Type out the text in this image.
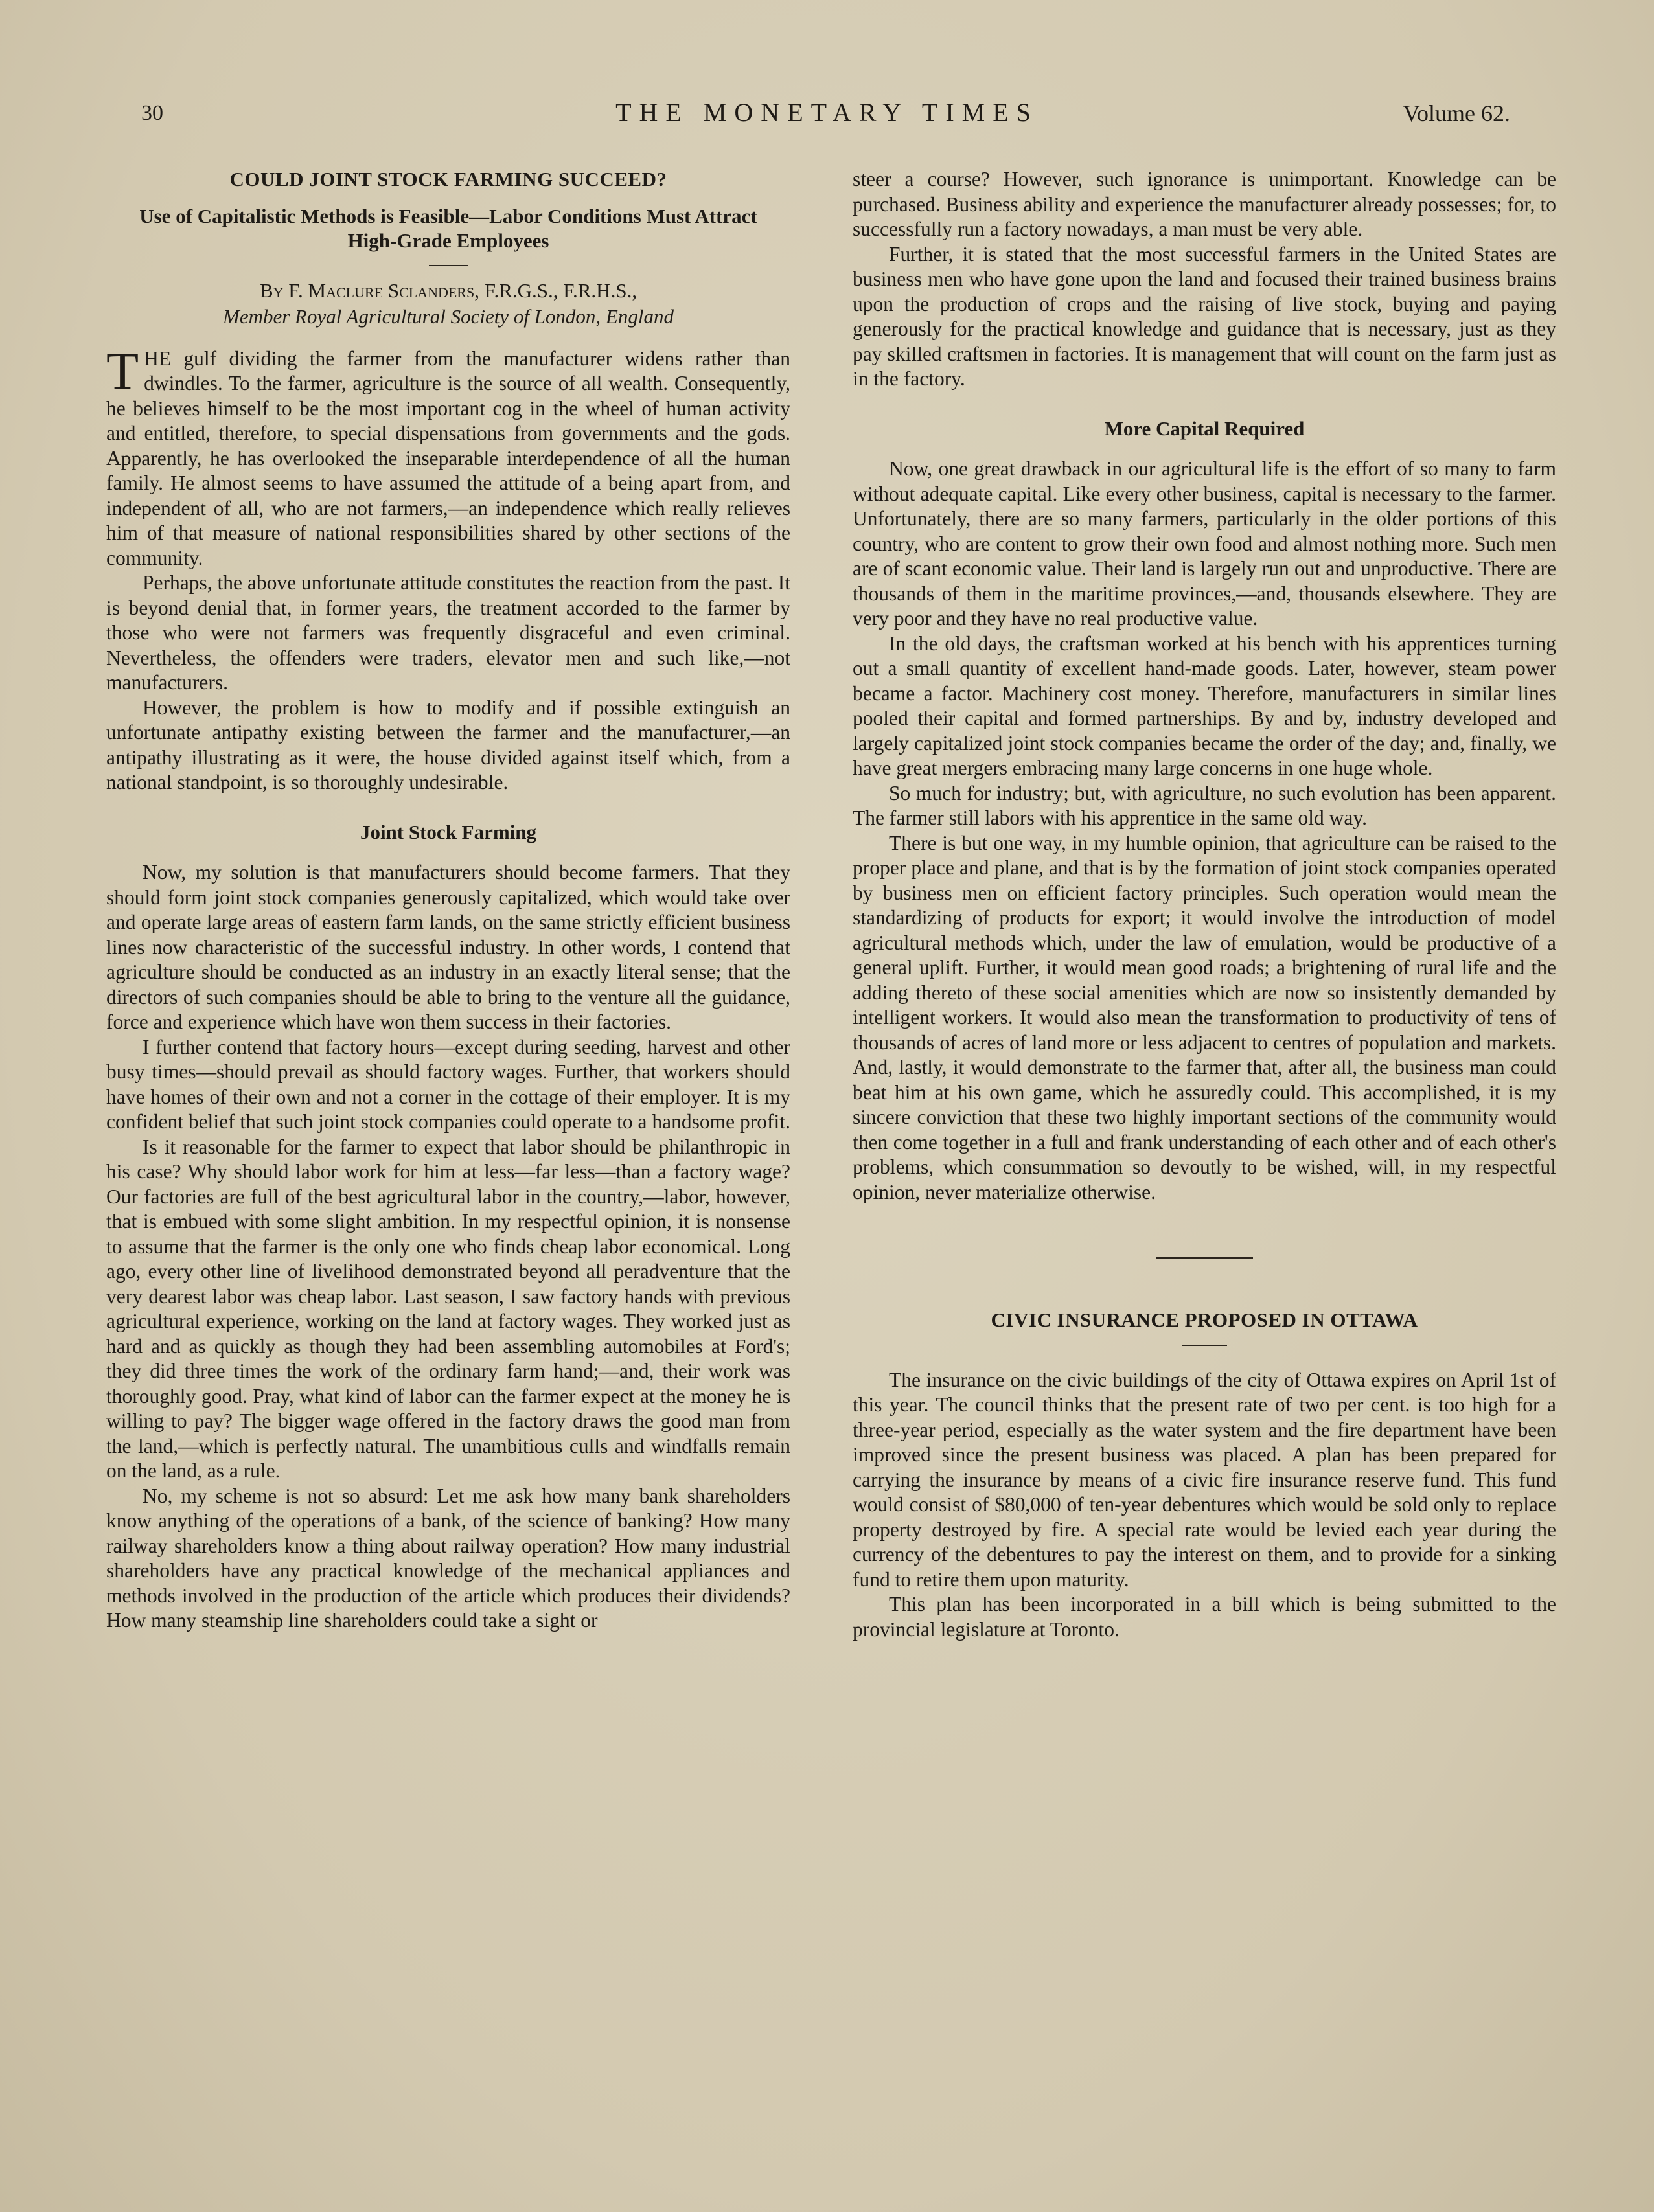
30	THE MONETARY TIMES	Volume 62.
COULD JOINT STOCK FARMING SUCCEED?
Use of Capitalistic Methods is Feasible—Labor Conditions Must Attract High-Grade Employees
By F. Maclure Sclanders, F.R.G.S., F.R.H.S.,
Member Royal Agricultural Society of London, England

THE gulf dividing the farmer from the manufacturer widens rather than dwindles. To the farmer, agriculture is the source of all wealth. Consequently, he believes himself to be the most important cog in the wheel of human activity and entitled, therefore, to special dispensations from governments and the gods. Apparently, he has overlooked the inseparable interdependence of all the human family. He almost seems to have assumed the attitude of a being apart from, and independent of all, who are not farmers,—an independence which really relieves him of that measure of national responsibilities shared by other sections of the community.

Perhaps, the above unfortunate attitude constitutes the reaction from the past. It is beyond denial that, in former years, the treatment accorded to the farmer by those who were not farmers was frequently disgraceful and even criminal. Nevertheless, the offenders were traders, elevator men and such like,—not manufacturers.

However, the problem is how to modify and if possible extinguish an unfortunate antipathy existing between the farmer and the manufacturer,—an antipathy illustrating as it were, the house divided against itself which, from a national standpoint, is so thoroughly undesirable.

Joint Stock Farming

Now, my solution is that manufacturers should become farmers. That they should form joint stock companies generously capitalized, which would take over and operate large areas of eastern farm lands, on the same strictly efficient business lines now characteristic of the successful industry. In other words, I contend that agriculture should be conducted as an industry in an exactly literal sense; that the directors of such companies should be able to bring to the venture all the guidance, force and experience which have won them success in their factories.

I further contend that factory hours—except during seeding, harvest and other busy times—should prevail as should factory wages. Further, that workers should have homes of their own and not a corner in the cottage of their employer. It is my confident belief that such joint stock companies could operate to a handsome profit.

Is it reasonable for the farmer to expect that labor should be philanthropic in his case? Why should labor work for him at less—far less—than a factory wage? Our factories are full of the best agricultural labor in the country,—labor, however, that is embued with some slight ambition. In my respectful opinion, it is nonsense to assume that the farmer is the only one who finds cheap labor economical. Long ago, every other line of livelihood demonstrated beyond all peradventure that the very dearest labor was cheap labor. Last season, I saw factory hands with previous agricultural experience, working on the land at factory wages. They worked just as hard and as quickly as though they had been assembling automobiles at Ford's; they did three times the work of the ordinary farm hand;—and, their work was thoroughly good. Pray, what kind of labor can the farmer expect at the money he is willing to pay? The bigger wage offered in the factory draws the good man from the land,—which is perfectly natural. The unambitious culls and windfalls remain on the land, as a rule.

No, my scheme is not so absurd: Let me ask how many bank shareholders know anything of the operations of a bank, of the science of banking? How many railway shareholders know a thing about railway operation? How many industrial shareholders have any practical knowledge of the mechanical appliances and methods involved in the production of the article which produces their dividends? How many steamship line shareholders could take a sight or

steer a course? However, such ignorance is unimportant. Knowledge can be purchased. Business ability and experience the manufacturer already possesses; for, to successfully run a factory nowadays, a man must be very able.

Further, it is stated that the most successful farmers in the United States are business men who have gone upon the land and focused their trained business brains upon the production of crops and the raising of live stock, buying and paying generously for the practical knowledge and guidance that is necessary, just as they pay skilled craftsmen in factories. It is management that will count on the farm just as in the factory.

More Capital Required

Now, one great drawback in our agricultural life is the effort of so many to farm without adequate capital. Like every other business, capital is necessary to the farmer. Unfortunately, there are so many farmers, particularly in the older portions of this country, who are content to grow their own food and almost nothing more. Such men are of scant economic value. Their land is largely run out and unproductive. There are thousands of them in the maritime provinces,—and, thousands elsewhere. They are very poor and they have no real productive value.

In the old days, the craftsman worked at his bench with his apprentices turning out a small quantity of excellent hand-made goods. Later, however, steam power became a factor. Machinery cost money. Therefore, manufacturers in similar lines pooled their capital and formed partnerships. By and by, industry developed and largely capitalized joint stock companies became the order of the day; and, finally, we have great mergers embracing many large concerns in one huge whole.

So much for industry; but, with agriculture, no such evolution has been apparent. The farmer still labors with his apprentice in the same old way.

There is but one way, in my humble opinion, that agriculture can be raised to the proper place and plane, and that is by the formation of joint stock companies operated by business men on efficient factory principles. Such operation would mean the standardizing of products for export; it would involve the introduction of model agricultural methods which, under the law of emulation, would be productive of a general uplift. Further, it would mean good roads; a brightening of rural life and the adding thereto of these social amenities which are now so insistently demanded by intelligent workers. It would also mean the transformation to productivity of tens of thousands of acres of land more or less adjacent to centres of population and markets. And, lastly, it would demonstrate to the farmer that, after all, the business man could beat him at his own game, which he assuredly could. This accomplished, it is my sincere conviction that these two highly important sections of the community would then come together in a full and frank understanding of each other and of each other's problems, which consummation so devoutly to be wished, will, in my respectful opinion, never materialize otherwise.

CIVIC INSURANCE PROPOSED IN OTTAWA

The insurance on the civic buildings of the city of Ottawa expires on April 1st of this year. The council thinks that the present rate of two per cent. is too high for a three-year period, especially as the water system and the fire department have been improved since the present business was placed. A plan has been prepared for carrying the insurance by means of a civic fire insurance reserve fund. This fund would consist of $80,000 of ten-year debentures which would be sold only to replace property destroyed by fire. A special rate would be levied each year during the currency of the debentures to pay the interest on them, and to provide for a sinking fund to retire them upon maturity.

This plan has been incorporated in a bill which is being submitted to the provincial legislature at Toronto.
